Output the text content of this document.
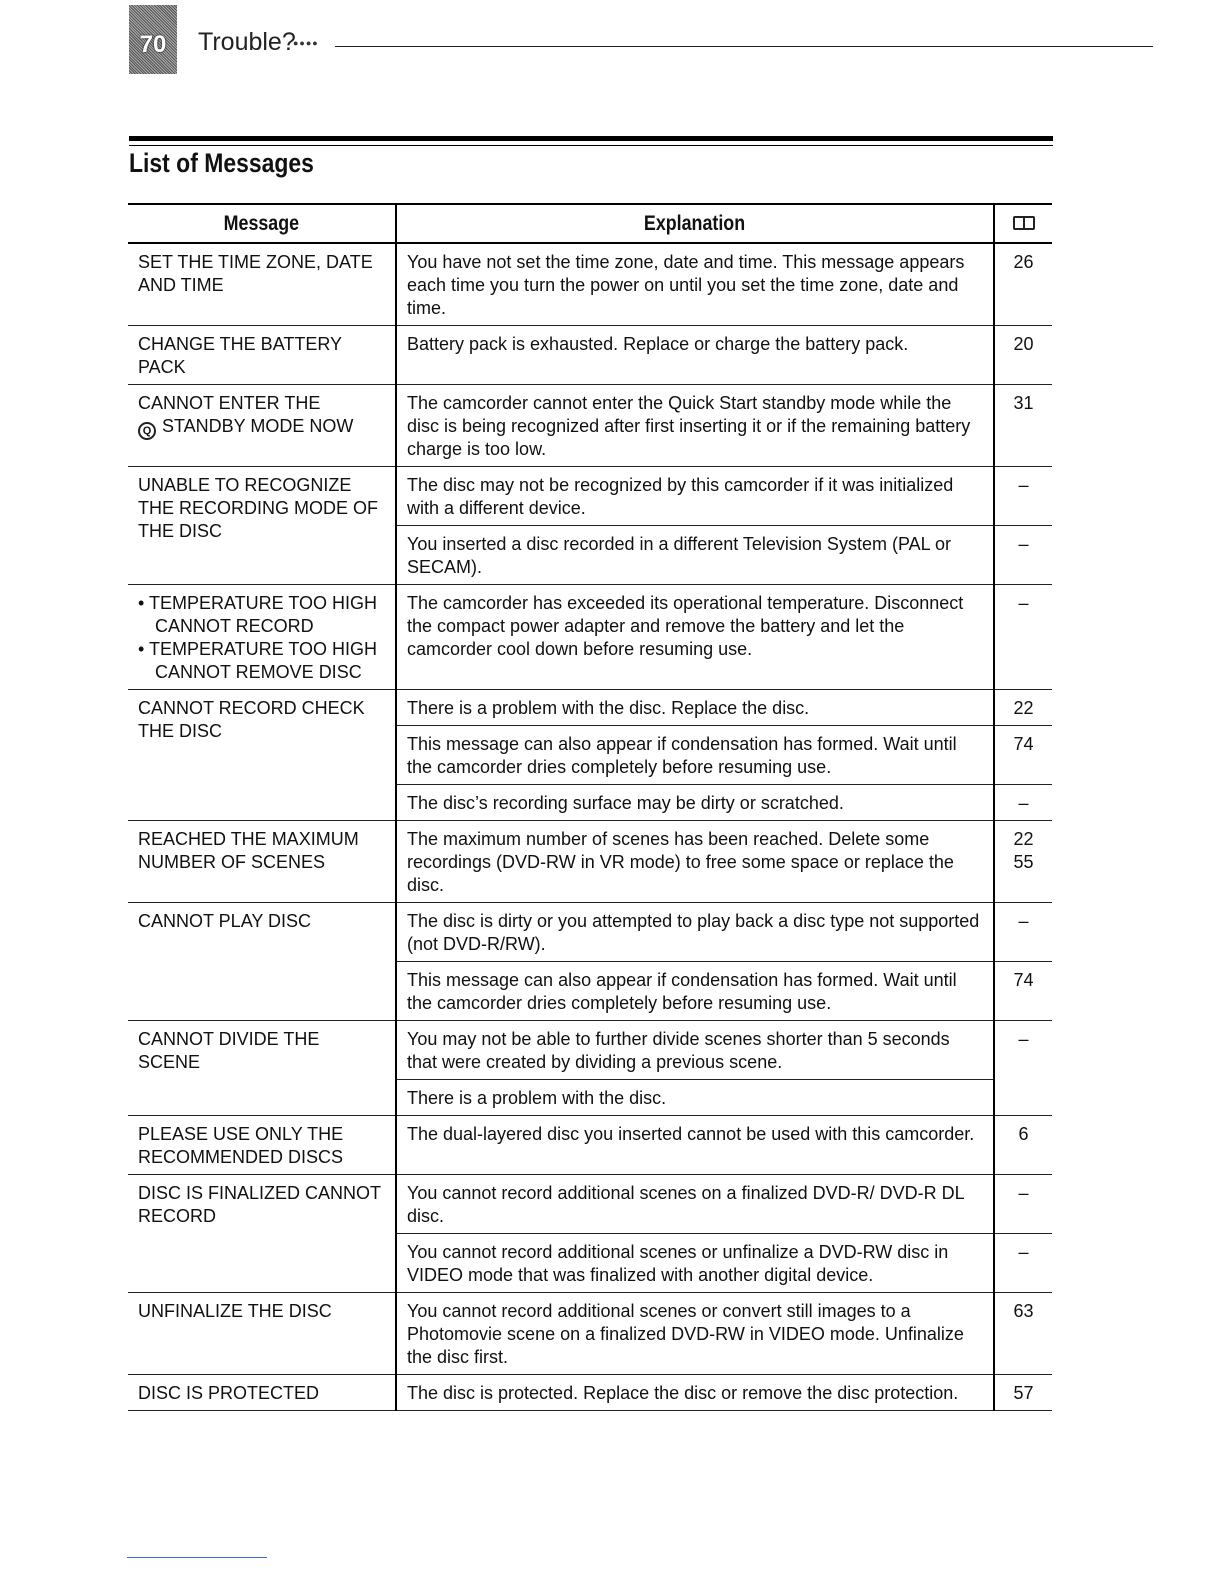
70	Trouble?
●●●●
List of Messages
Message	Explanation	

SET THE TIME ZONE, DATE AND TIME	You have not set the time zone, date and time. This message appears each time you turn the power on until you set the time zone, date and time.	26

CHANGE THE BATTERY PACK	Battery pack is exhausted. Replace or charge the battery pack.	20

CANNOT ENTER THE
Q STANDBY MODE NOW	The camcorder cannot enter the Quick Start standby mode while the disc is being recognized after first inserting it or if the remaining battery charge is too low.	31

UNABLE TO RECOGNIZE THE RECORDING MODE OF THE DISC	The disc may not be recognized by this camcorder if it was initialized with a different device.	–
	You inserted a disc recorded in a different Television System (PAL or SECAM).	–

• TEMPERATURE TOO HIGH CANNOT RECORD
• TEMPERATURE TOO HIGH CANNOT REMOVE DISC	The camcorder has exceeded its operational temperature. Disconnect the compact power adapter and remove the battery and let the camcorder cool down before resuming use.	–

CANNOT RECORD CHECK THE DISC	There is a problem with the disc. Replace the disc.	22
	This message can also appear if condensation has formed. Wait until the camcorder dries completely before resuming use.	74
	The disc’s recording surface may be dirty or scratched.	–

REACHED THE MAXIMUM NUMBER OF SCENES	The maximum number of scenes has been reached. Delete some recordings (DVD-RW in VR mode) to free some space or replace the disc.	22
55

CANNOT PLAY DISC	The disc is dirty or you attempted to play back a disc type not supported (not DVD-R/RW).	–
	This message can also appear if condensation has formed. Wait until the camcorder dries completely before resuming use.	74

CANNOT DIVIDE THE SCENE	You may not be able to further divide scenes shorter than 5 seconds that were created by dividing a previous scene.	–
	There is a problem with the disc.	

PLEASE USE ONLY THE RECOMMENDED DISCS	The dual-layered disc you inserted cannot be used with this camcorder.	6

DISC IS FINALIZED CANNOT RECORD	You cannot record additional scenes on a finalized DVD-R/ DVD-R DL disc.	–
	You cannot record additional scenes or unfinalize a DVD-RW disc in VIDEO mode that was finalized with another digital device.	–

UNFINALIZE THE DISC	You cannot record additional scenes or convert still images to a Photomovie scene on a finalized DVD-RW in VIDEO mode. Unfinalize the disc first.	63

DISC IS PROTECTED	The disc is protected. Replace the disc or remove the disc protection.	57
